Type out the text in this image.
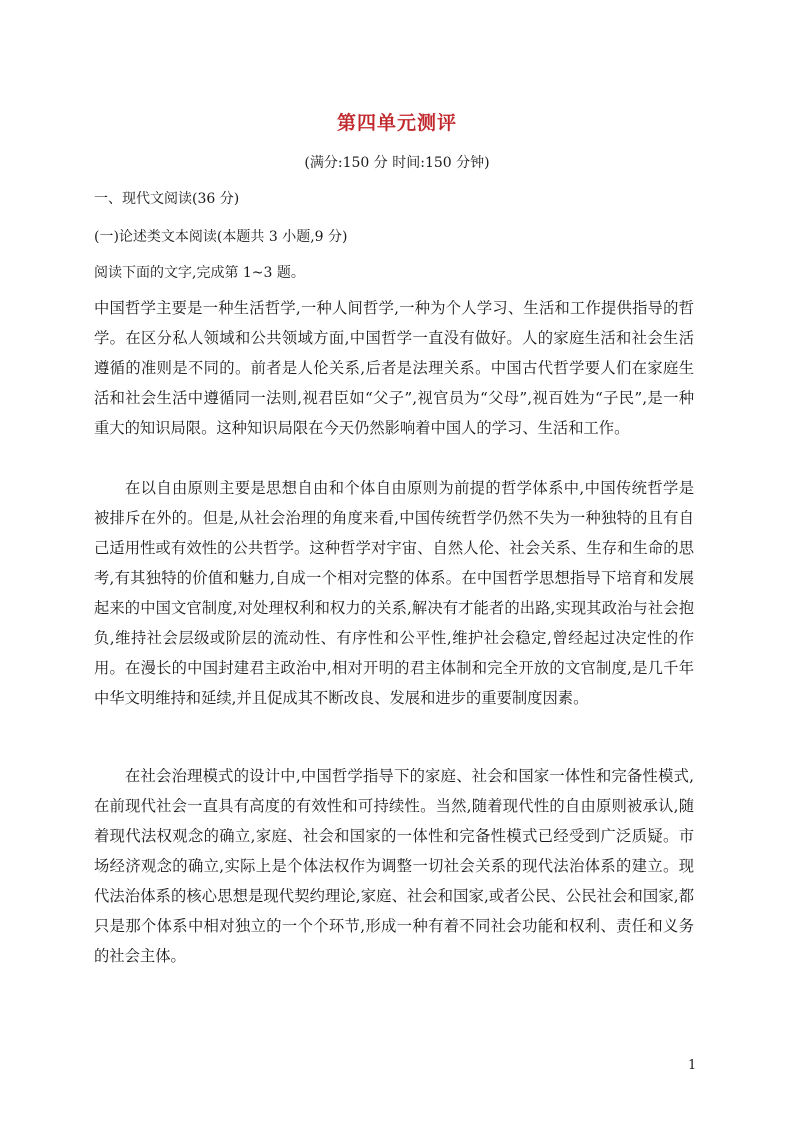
第四单元测评
(满分:150 分 时间:150 分钟)
一、现代文阅读(36 分)
(一)论述类文本阅读(本题共 3 小题,9 分)
阅读下面的文字,完成第 1~3 题。

中国哲学主要是一种生活哲学,一种人间哲学,一种为个人学习、生活和工作提供指导的哲学。在区分私人领域和公共领域方面,中国哲学一直没有做好。人的家庭生活和社会生活遵循的准则是不同的。前者是人伦关系,后者是法理关系。中国古代哲学要人们在家庭生活和社会生活中遵循同一法则,视君臣如“父子”,视官员为“父母”,视百姓为“子民”,是一种重大的知识局限。这种知识局限在今天仍然影响着中国人的学习、生活和工作。

在以自由原则主要是思想自由和个体自由原则为前提的哲学体系中,中国传统哲学是被排斥在外的。但是,从社会治理的角度来看,中国传统哲学仍然不失为一种独特的且有自己适用性或有效性的公共哲学。这种哲学对宇宙、自然人伦、社会关系、生存和生命的思考,有其独特的价值和魅力,自成一个相对完整的体系。在中国哲学思想指导下培育和发展起来的中国文官制度,对处理权利和权力的关系,解决有才能者的出路,实现其政治与社会抱负,维持社会层级或阶层的流动性、有序性和公平性,维护社会稳定,曾经起过决定性的作用。在漫长的中国封建君主政治中,相对开明的君主体制和完全开放的文官制度,是几千年中华文明维持和延续,并且促成其不断改良、发展和进步的重要制度因素。

在社会治理模式的设计中,中国哲学指导下的家庭、社会和国家一体性和完备性模式,在前现代社会一直具有高度的有效性和可持续性。当然,随着现代性的自由原则被承认,随着现代法权观念的确立,家庭、社会和国家的一体性和完备性模式已经受到广泛质疑。市场经济观念的确立,实际上是个体法权作为调整一切社会关系的现代法治体系的建立。现代法治体系的核心思想是现代契约理论,家庭、社会和国家,或者公民、公民社会和国家,都只是那个体系中相对独立的一个个环节,形成一种有着不同社会功能和权利、责任和义务的社会主体。

1
